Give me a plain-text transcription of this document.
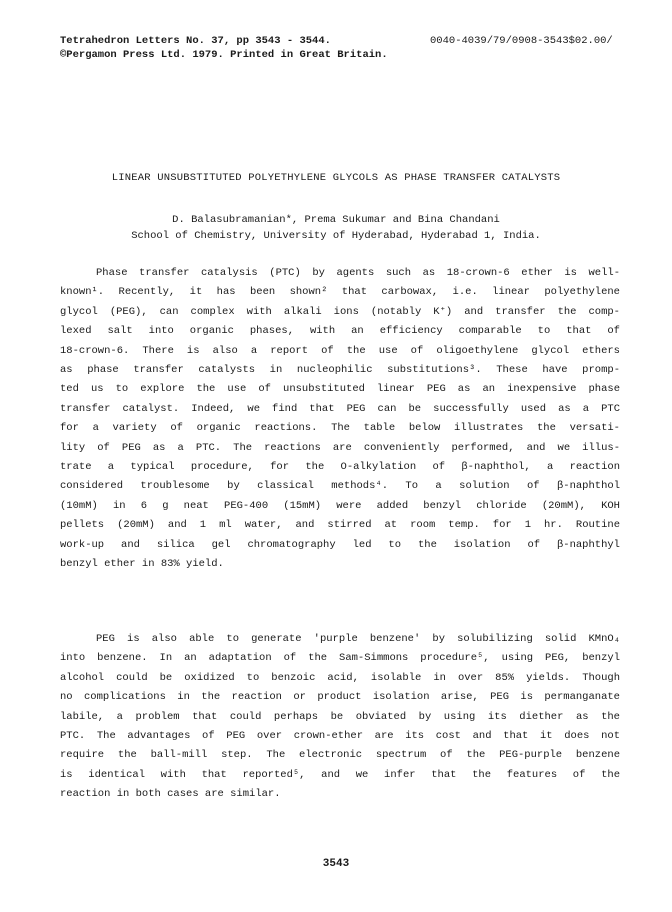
Tetrahedron Letters No. 37, pp 3543 - 3544.
©Pergamon Press Ltd. 1979. Printed in Great Britain.
0040-4039/79/0908-3543$02.00/
LINEAR UNSUBSTITUTED POLYETHYLENE GLYCOLS AS PHASE TRANSFER CATALYSTS
D. Balasubramanian*, Prema Sukumar and Bina Chandani
School of Chemistry, University of Hyderabad, Hyderabad 1, India.
Phase transfer catalysis (PTC) by agents such as 18-crown-6 ether is well-
known¹. Recently, it has been shown² that carbowax, i.e. linear polyethylene
glycol (PEG), can complex with alkali ions (notably K⁺) and transfer the comp-
lexed salt into organic phases, with an efficiency comparable to that of
18-crown-6. There is also a report of the use of oligoethylene glycol ethers
as phase transfer catalysts in nucleophilic substitutions³. These have promp-
ted us to explore the use of unsubstituted linear PEG as an inexpensive phase
transfer catalyst. Indeed, we find that PEG can be successfully used as a PTC
for a variety of organic reactions. The table below illustrates the versati-
lity of PEG as a PTC. The reactions are conveniently performed, and we illus-
trate a typical procedure, for the O-alkylation of β-naphthol, a reaction
considered troublesome by classical methods⁴. To a solution of β-naphthol
(10mM) in 6 g neat PEG-400 (15mM) were added benzyl chloride (20mM), KOH
pellets (20mM) and 1 ml water, and stirred at room temp. for 1 hr. Routine
work-up and silica gel chromatography led to the isolation of β-naphthyl
benzyl ether in 83% yield.
PEG is also able to generate 'purple benzene' by solubilizing solid KMnO₄
into benzene. In an adaptation of the Sam-Simmons procedure⁵, using PEG, benzyl
alcohol could be oxidized to benzoic acid, isolable in over 85% yields. Though
no complications in the reaction or product isolation arise, PEG is permanganate
labile, a problem that could perhaps be obviated by using its diether as the
PTC. The advantages of PEG over crown-ether are its cost and that it does not
require the ball-mill step. The electronic spectrum of the PEG-purple benzene
is identical with that reported⁵, and we infer that the features of the
reaction in both cases are similar.
3543
